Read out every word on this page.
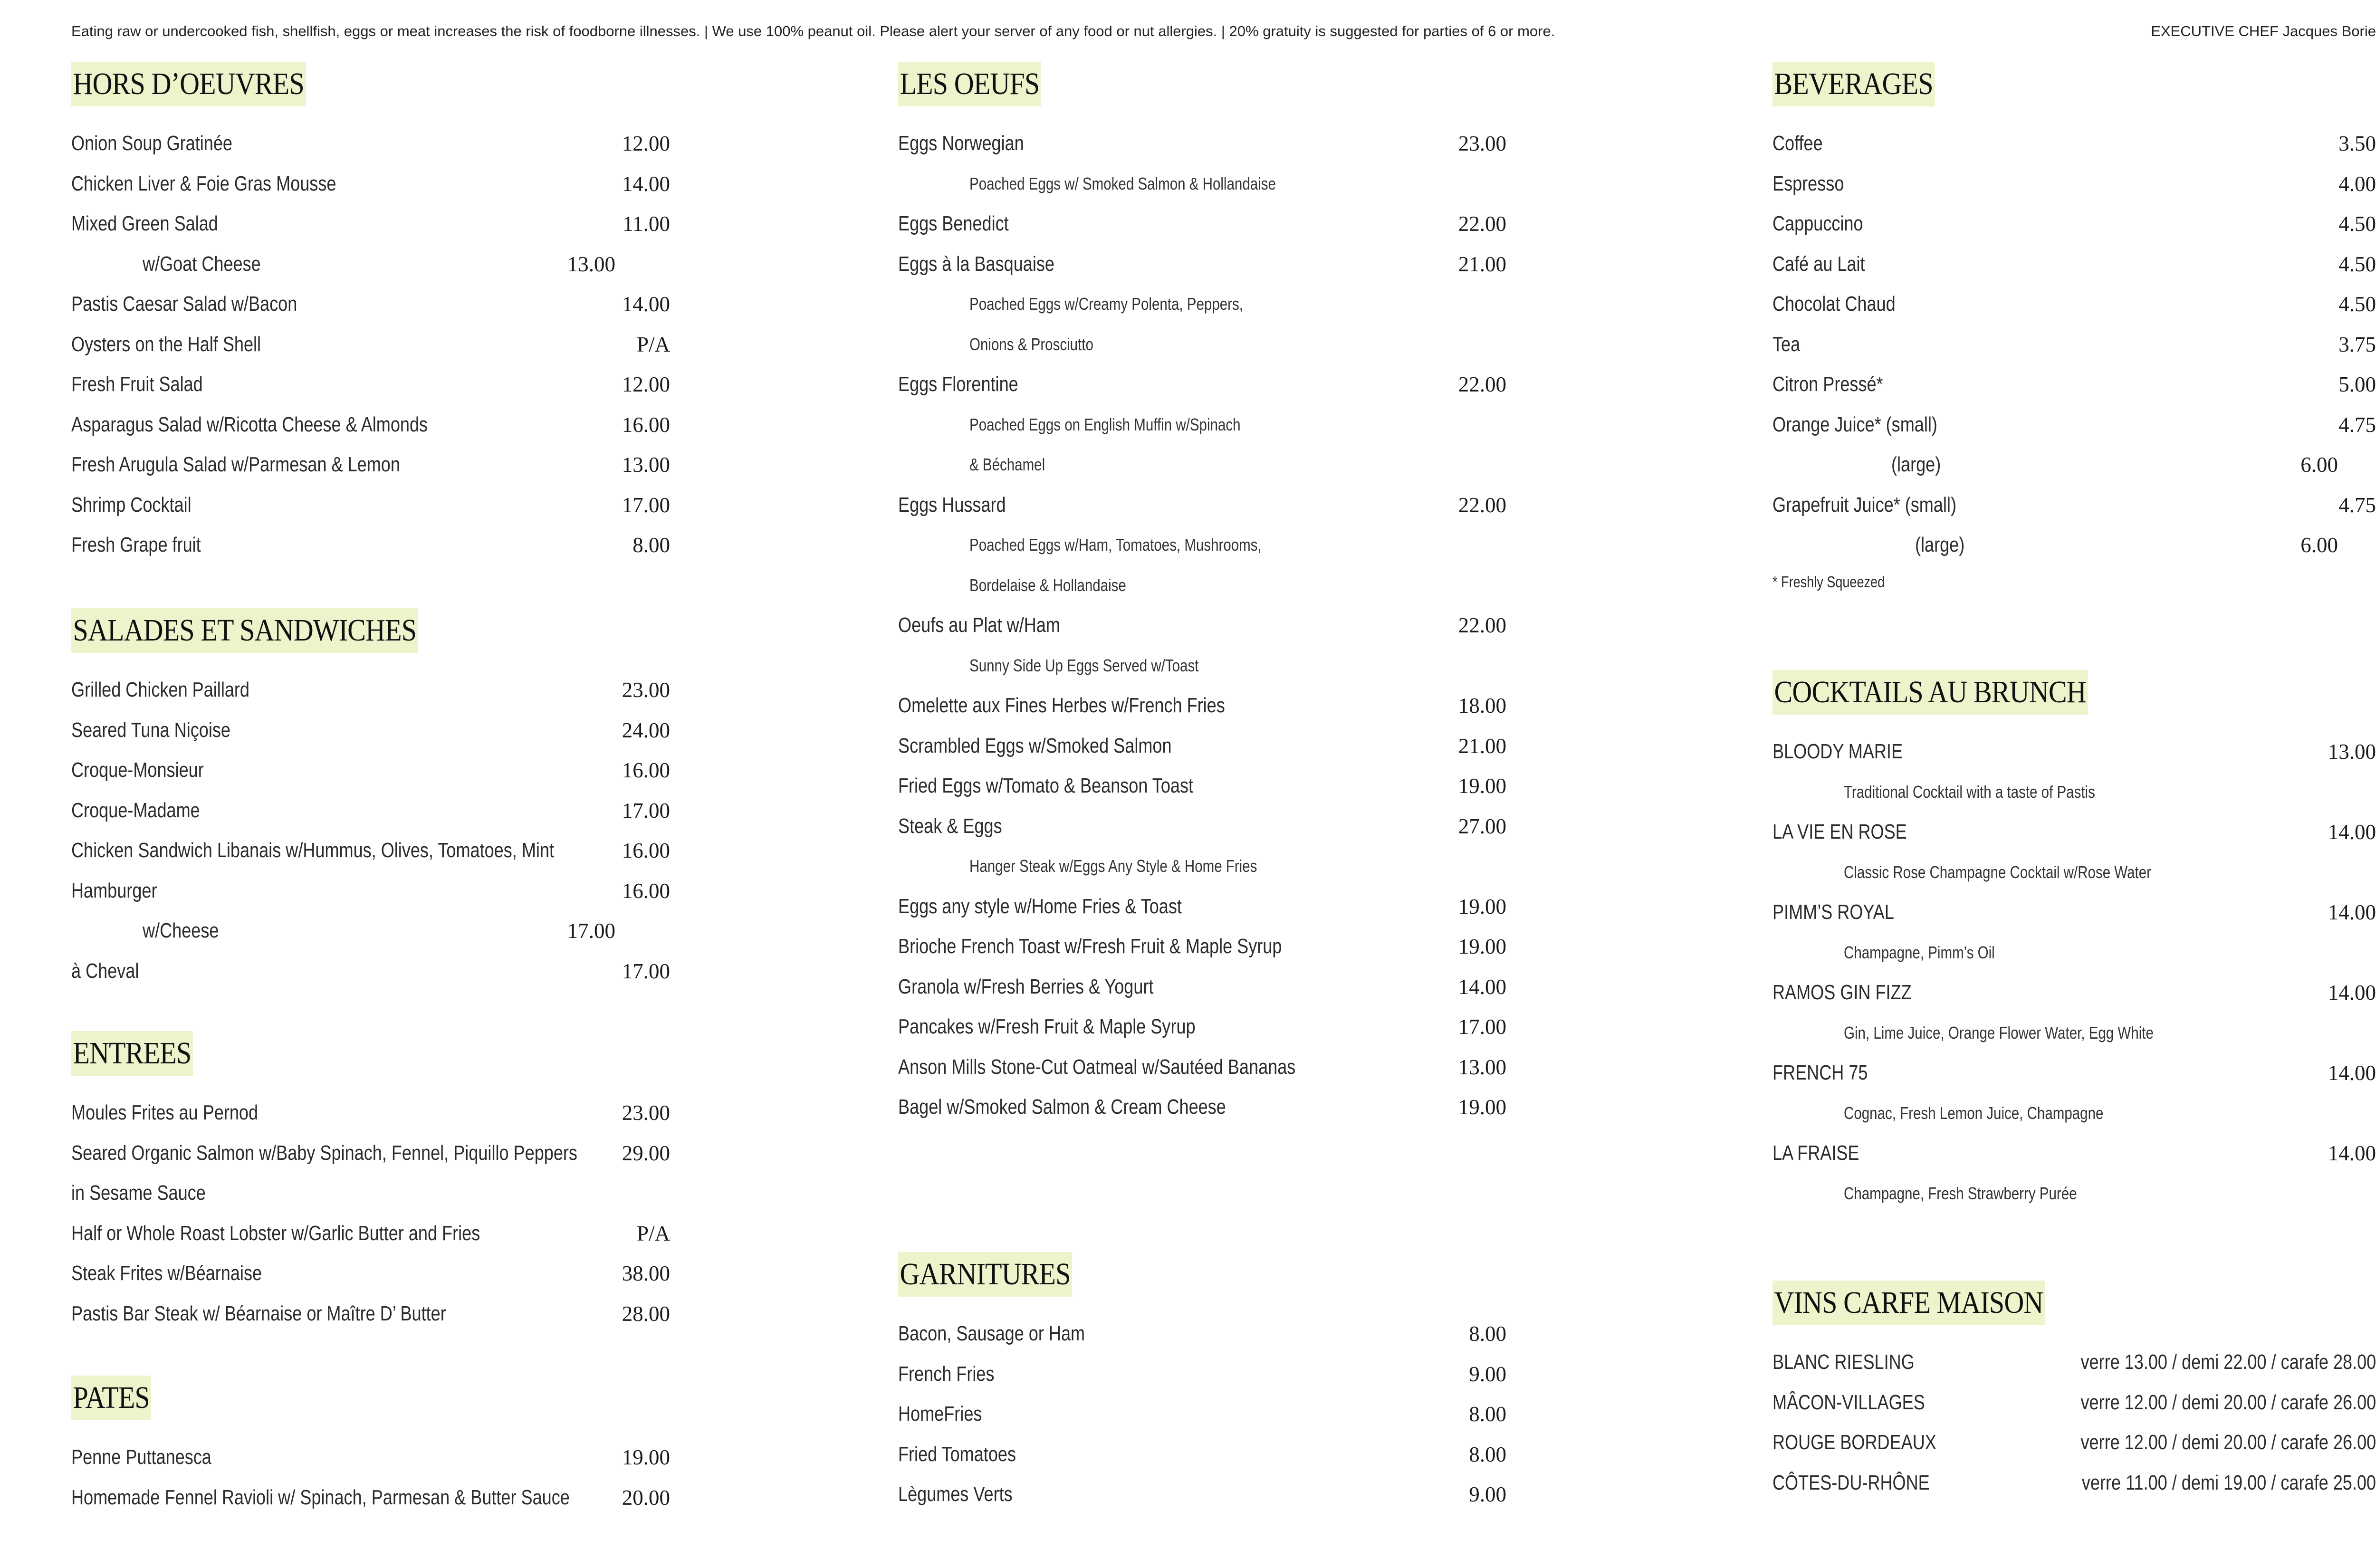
Eating raw or undercooked fish, shellfish, eggs or meat increases the risk of foodborne illnesses. | We use 100% peanut oil. Please alert your server of any food or nut allergies. | 20% gratuity is suggested for parties of 6 or more.	EXECUTIVE CHEF Jacques Borie
HORS D’OEUVRES
Onion Soup Gratinée	12.00
Chicken Liver & Foie Gras Mousse	14.00
Mixed Green Salad	11.00
w/Goat Cheese	13.00
Pastis Caesar Salad w/Bacon	14.00
Oysters on the Half Shell	P/A
Fresh Fruit Salad	12.00
Asparagus Salad w/Ricotta Cheese & Almonds	16.00
Fresh Arugula Salad w/Parmesan & Lemon	13.00
Shrimp Cocktail	17.00
Fresh Grape fruit	8.00
SALADES ET SANDWICHES
Grilled Chicken Paillard	23.00
Seared Tuna Niçoise	24.00
Croque-Monsieur	16.00
Croque-Madame	17.00
Chicken Sandwich Libanais w/Hummus, Olives, Tomatoes, Mint	16.00
Hamburger	16.00
w/Cheese	17.00
à Cheval	17.00
ENTREES
Moules Frites au Pernod	23.00
Seared Organic Salmon w/Baby Spinach, Fennel, Piquillo Peppers 29.00
in Sesame Sauce
Half or Whole Roast Lobster w/Garlic Butter and Fries	P/A
Steak Frites w/Béarnaise	38.00
Pastis Bar Steak w/ Béarnaise or Maître D’ Butter	28.00
PATES
Penne Puttanesca	19.00
Homemade Fennel Ravioli w/ Spinach, Parmesan & Butter Sauce 20.00
LES OEUFS
Eggs Norwegian	23.00
Poached Eggs w/ Smoked Salmon & Hollandaise
Eggs Benedict	22.00
Eggs à la Basquaise	21.00
Poached Eggs w/Creamy Polenta, Peppers,
Onions & Prosciutto
Eggs Florentine	22.00
Poached Eggs on English Muffin w/Spinach
& Béchamel
Eggs Hussard	22.00
Poached Eggs w/Ham, Tomatoes, Mushrooms,
Bordelaise & Hollandaise
Oeufs au Plat w/Ham	22.00
Sunny Side Up Eggs Served w/Toast
Omelette aux Fines Herbes w/French Fries	18.00
Scrambled Eggs w/Smoked Salmon	21.00
Fried Eggs w/Tomato & Beanson Toast	19.00
Steak & Eggs	27.00
Hanger Steak w/Eggs Any Style & Home Fries
Eggs any style w/Home Fries & Toast	19.00
Brioche French Toast w/Fresh Fruit & Maple Syrup	19.00
Granola w/Fresh Berries & Yogurt	14.00
Pancakes w/Fresh Fruit & Maple Syrup	17.00
Anson Mills Stone-Cut Oatmeal w/Sautéed Bananas	13.00
Bagel w/Smoked Salmon & Cream Cheese	19.00
GARNITURES
Bacon, Sausage or Ham	8.00
French Fries	9.00
HomeFries	8.00
Fried Tomatoes	8.00
Lègumes Verts	9.00
BEVERAGES
Coffee	3.50
Espresso	4.00
Cappuccino	4.50
Café au Lait	4.50
Chocolat Chaud	4.50
Tea	3.75
Citron Pressé*	5.00
Orange Juice* (small)	4.75
(large)	6.00
Grapefruit Juice* (small)	4.75
(large)	6.00
* Freshly Squeezed
COCKTAILS AU BRUNCH
BLOODY MARIE	13.00
Traditional Cocktail with a taste of Pastis
LA VIE EN ROSE	14.00
Classic Rose Champagne Cocktail w/Rose Water
PIMM’S ROYAL	14.00
Champagne, Pimm’s Oil
RAMOS GIN FIZZ	14.00
Gin, Lime Juice, Orange Flower Water, Egg White
FRENCH 75	14.00
Cognac, Fresh Lemon Juice, Champagne
LA FRAISE	14.00
Champagne, Fresh Strawberry Purée
VINS CARFE MAISON
BLANC RIESLING	verre 13.00 / demi 22.00 / carafe 28.00
MÂCON-VILLAGES	verre 12.00 / demi 20.00 / carafe 26.00
ROUGE BORDEAUX	verre 12.00 / demi 20.00 / carafe 26.00
CÔTES-DU-RHÔNE	verre 11.00 / demi 19.00 / carafe 25.00
